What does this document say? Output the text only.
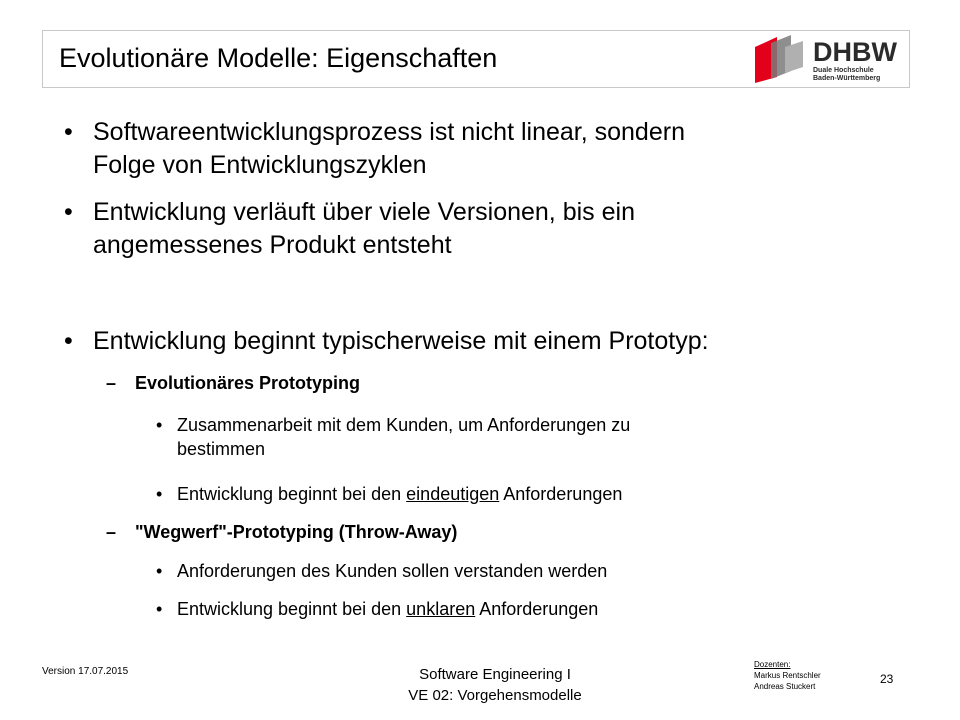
Evolutionäre Modelle: Eigenschaften	DHBW
Duale Hochschule
Baden-Württemberg
• Softwareentwicklungsprozess ist nicht linear, sondern
Folge von Entwicklungszyklen
• Entwicklung verläuft über viele Versionen, bis ein
angemessenes Produkt entsteht
• Entwicklung beginnt typischerweise mit einem Prototyp:
– Evolutionäres Prototyping
• Zusammenarbeit mit dem Kunden, um Anforderungen zu
bestimmen
• Entwicklung beginnt bei den eindeutigen Anforderungen
– "Wegwerf"-Prototyping (Throw-Away)
• Anforderungen des Kunden sollen verstanden werden
• Entwicklung beginnt bei den unklaren Anforderungen
Version 17.07.2015	Software Engineering I
VE 02: Vorgehensmodelle
Dozenten:
Markus Rentschler
Andreas Stuckert
23
